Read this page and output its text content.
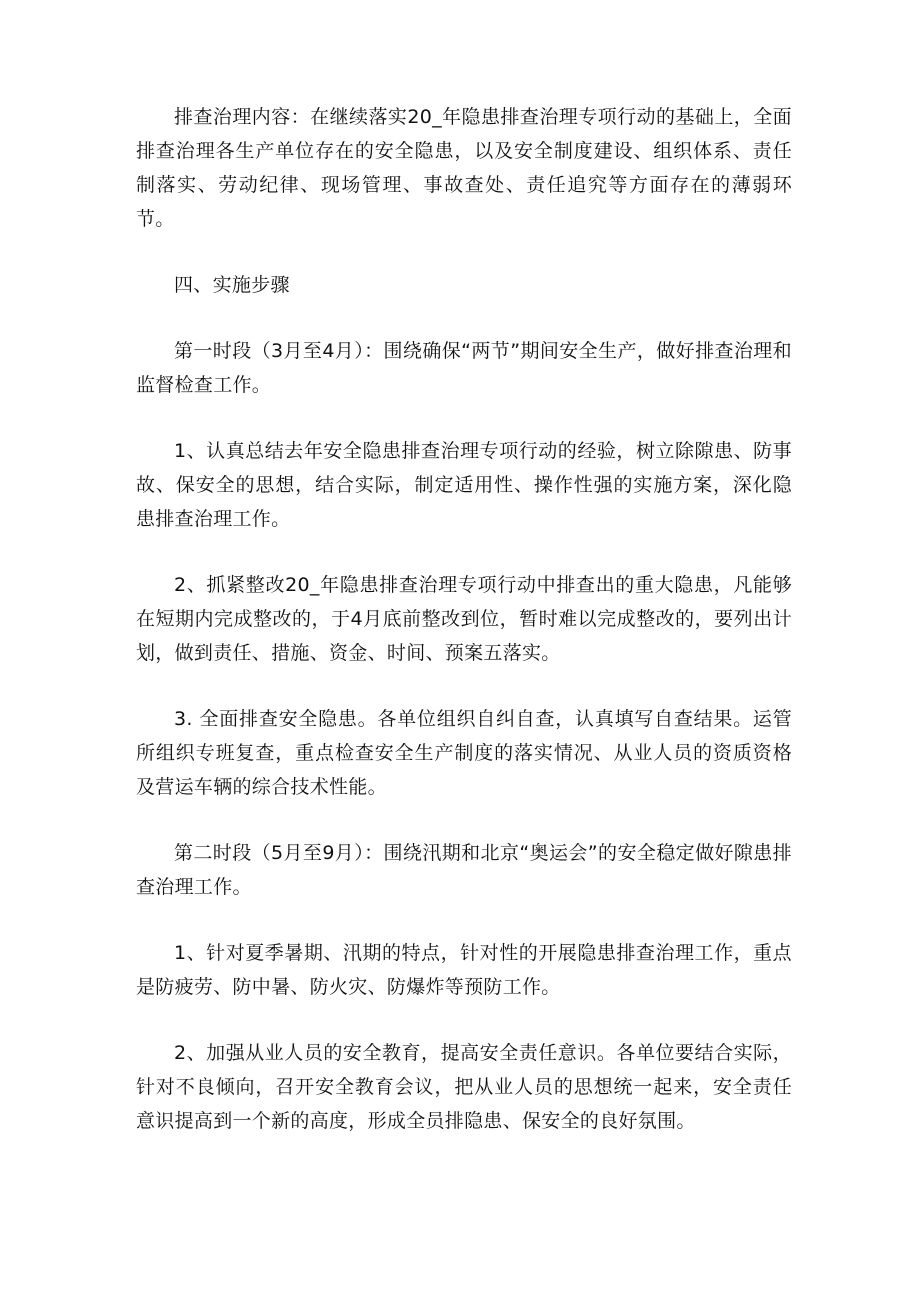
排查治理内容：在继续落实20_年隐患排查治理专项行动的基础上，全面排查治理各生产单位存在的安全隐患，以及安全制度建设、组织体系、责任制落实、劳动纪律、现场管理、事故查处、责任追究等方面存在的薄弱环节。

四、实施步骤

第一时段（3月至4月）：围绕确保“两节”期间安全生产，做好排查治理和监督检查工作。

1、认真总结去年安全隐患排查治理专项行动的经验，树立除隙患、防事故、保安全的思想，结合实际，制定适用性、操作性强的实施方案，深化隐患排查治理工作。

2、抓紧整改20_年隐患排查治理专项行动中排查出的重大隐患，凡能够在短期内完成整改的，于4月底前整改到位，暂时难以完成整改的，要列出计划，做到责任、措施、资金、时间、预案五落实。

3. 全面排查安全隐患。各单位组织自纠自查，认真填写自查结果。运管所组织专班复查，重点检查安全生产制度的落实情况、从业人员的资质资格及营运车辆的综合技术性能。

第二时段（5月至9月）：围绕汛期和北京“奥运会”的安全稳定做好隙患排查治理工作。

1、针对夏季暑期、汛期的特点，针对性的开展隐患排查治理工作，重点是防疲劳、防中暑、防火灾、防爆炸等预防工作。

2、加强从业人员的安全教育，提高安全责任意识。各单位要结合实际，针对不良倾向，召开安全教育会议，把从业人员的思想统一起来，安全责任意识提高到一个新的高度，形成全员排隐患、保安全的良好氛围。
